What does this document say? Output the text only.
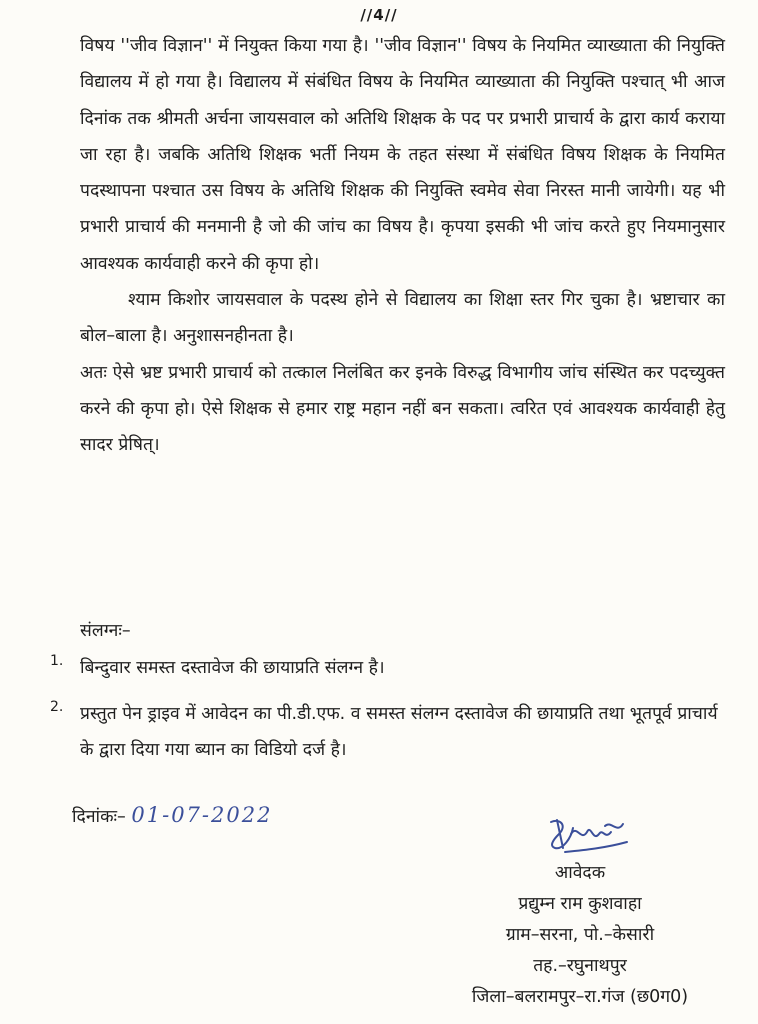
//4//

विषय ''जीव विज्ञान'' में नियुक्त किया गया है। ''जीव विज्ञान'' विषय के नियमित व्याख्याता की नियुक्ति विद्यालय में हो गया है। विद्यालय में संबंधित विषय के नियमित व्याख्याता की नियुक्ति पश्चात् भी आज दिनांक तक श्रीमती अर्चना जायसवाल को अतिथि शिक्षक के पद पर प्रभारी प्राचार्य के द्वारा कार्य कराया जा रहा है। जबकि अतिथि शिक्षक भर्ती नियम के तहत संस्था में संबंधित विषय शिक्षक के नियमित पदस्थापना पश्चात उस विषय के अतिथि शिक्षक की नियुक्ति स्वमेव सेवा निरस्त मानी जायेगी। यह भी प्रभारी प्राचार्य की मनमानी है जो की जांच का विषय है। कृपया इसकी भी जांच करते हुए नियमानुसार आवश्यक कार्यवाही करने की कृपा हो।

श्याम किशोर जायसवाल के पदस्थ होने से विद्यालय का शिक्षा स्तर गिर चुका है। भ्रष्टाचार का बोल–बाला है। अनुशासनहीनता है।

अतः ऐसे भ्रष्ट प्रभारी प्राचार्य को तत्काल निलंबित कर इनके विरुद्ध विभागीय जांच संस्थित कर पदच्युक्त करने की कृपा हो। ऐसे शिक्षक से हमार राष्ट्र महान नहीं बन सकता। त्वरित एवं आवश्यक कार्यवाही हेतु सादर प्रेषित्।

संलग्नः–
1. बिन्दुवार समस्त दस्तावेज की छायाप्रति संलग्न है।
2. प्रस्तुत पेन ड्राइव में आवेदन का पी.डी.एफ. व समस्त संलग्न दस्तावेज की छायाप्रति तथा भूतपूर्व प्राचार्य के द्वारा दिया गया ब्यान का विडियो दर्ज है।
दिनांकः– 01-07-2022
आवेदक
प्रद्युम्न राम कुशवाहा
ग्राम–सरना, पो.–केसारी
तह.–रघुनाथपुर
जिला–बलरामपुर–रा.गंज (छ0ग0)
